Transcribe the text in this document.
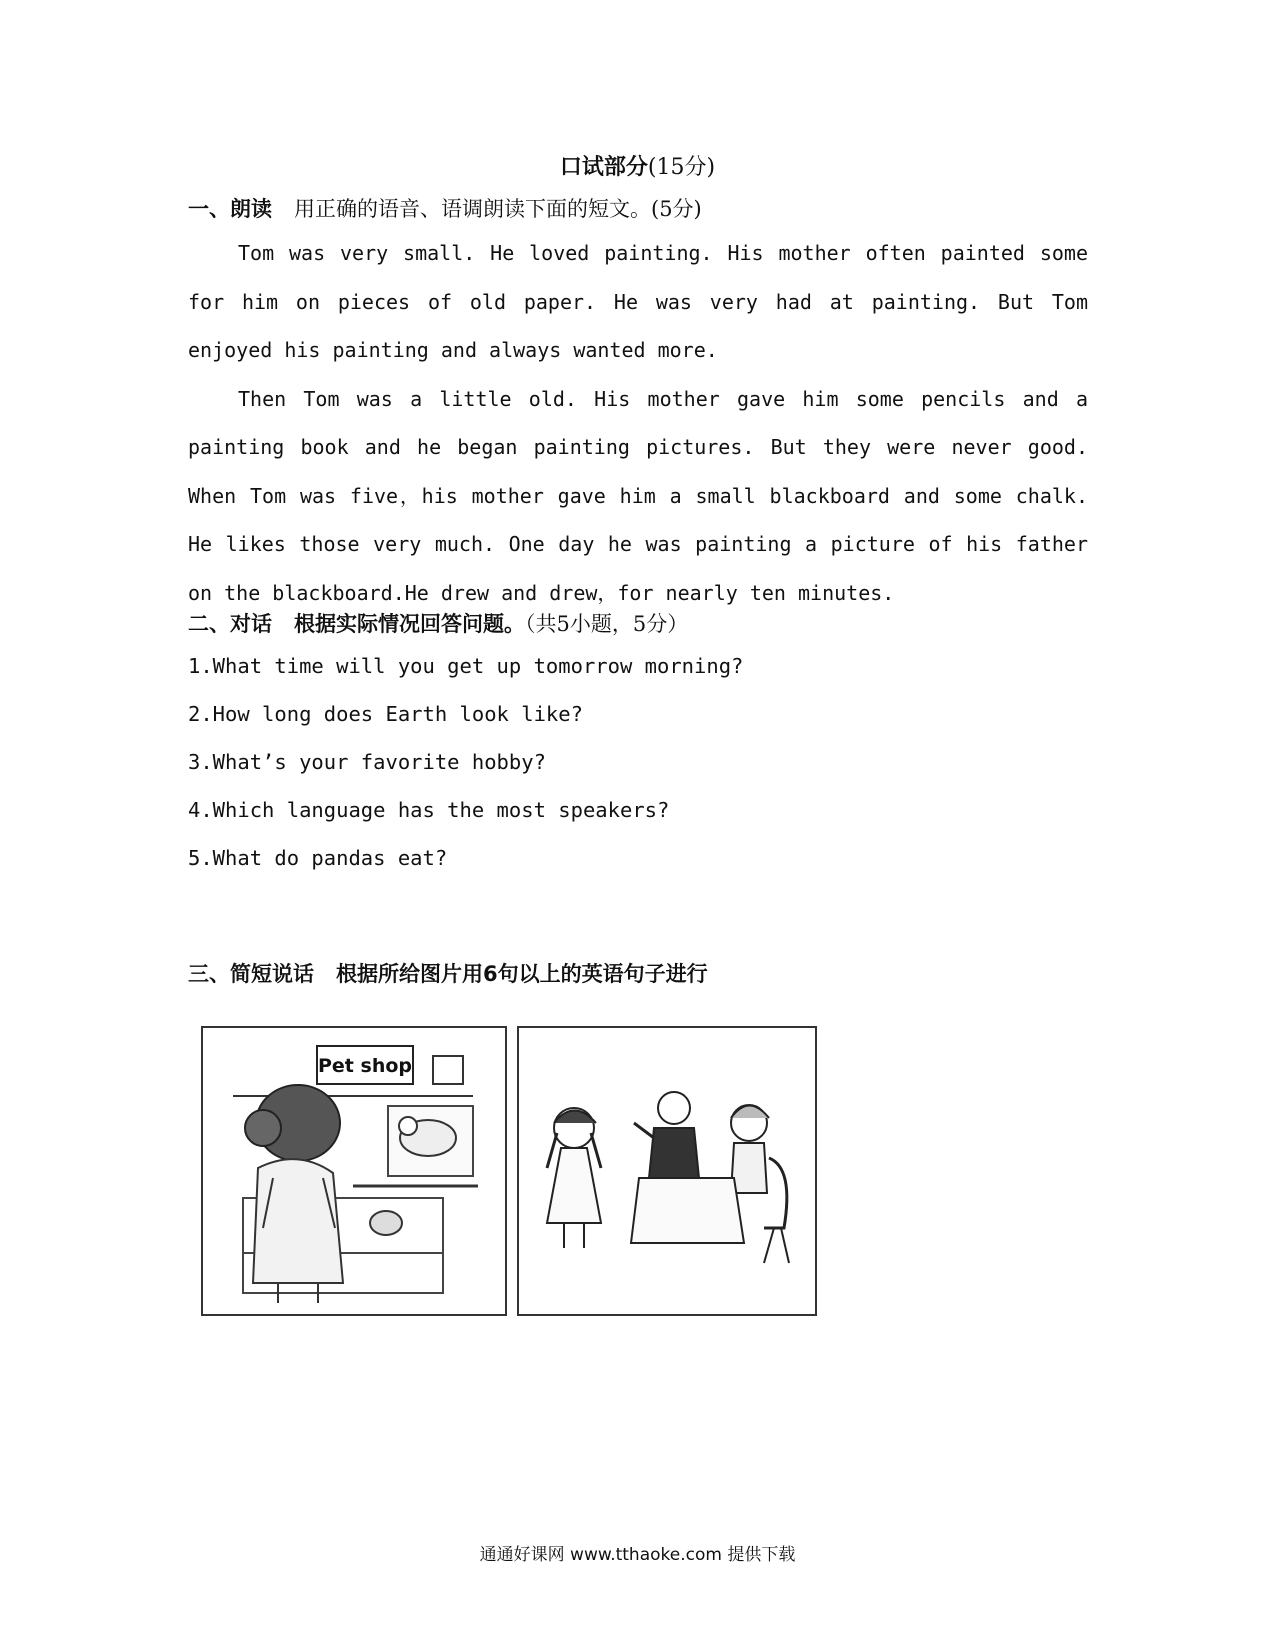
口试部分(15分)
一、朗读 用正确的语音、语调朗读下面的短文。(5分)

Tom was very small. He loved painting. His mother often painted some for him on pieces of old paper. He was very had at painting. But Tom enjoyed his painting and always wanted more.

Then Tom was a little old. His mother gave him some pencils and a painting book and he began painting pictures. But they were never good. When Tom was five，his mother gave him a small blackboard and some chalk. He likes those very much. One day he was painting a picture of his father on the blackboard.He drew and drew，for nearly ten minutes.

二、对话 根据实际情况回答问题。（共5小题，5分）
1.What time will you get up tomorrow morning?
2.How long does Earth look like?
3.What’s your favorite hobby?
4.Which language has the most speakers?
5.What do pandas eat?
三、简短说话 根据所给图片用6句以上的英语句子进行
Pet shop
通通好课网 www.tthaoke.com 提供下载
